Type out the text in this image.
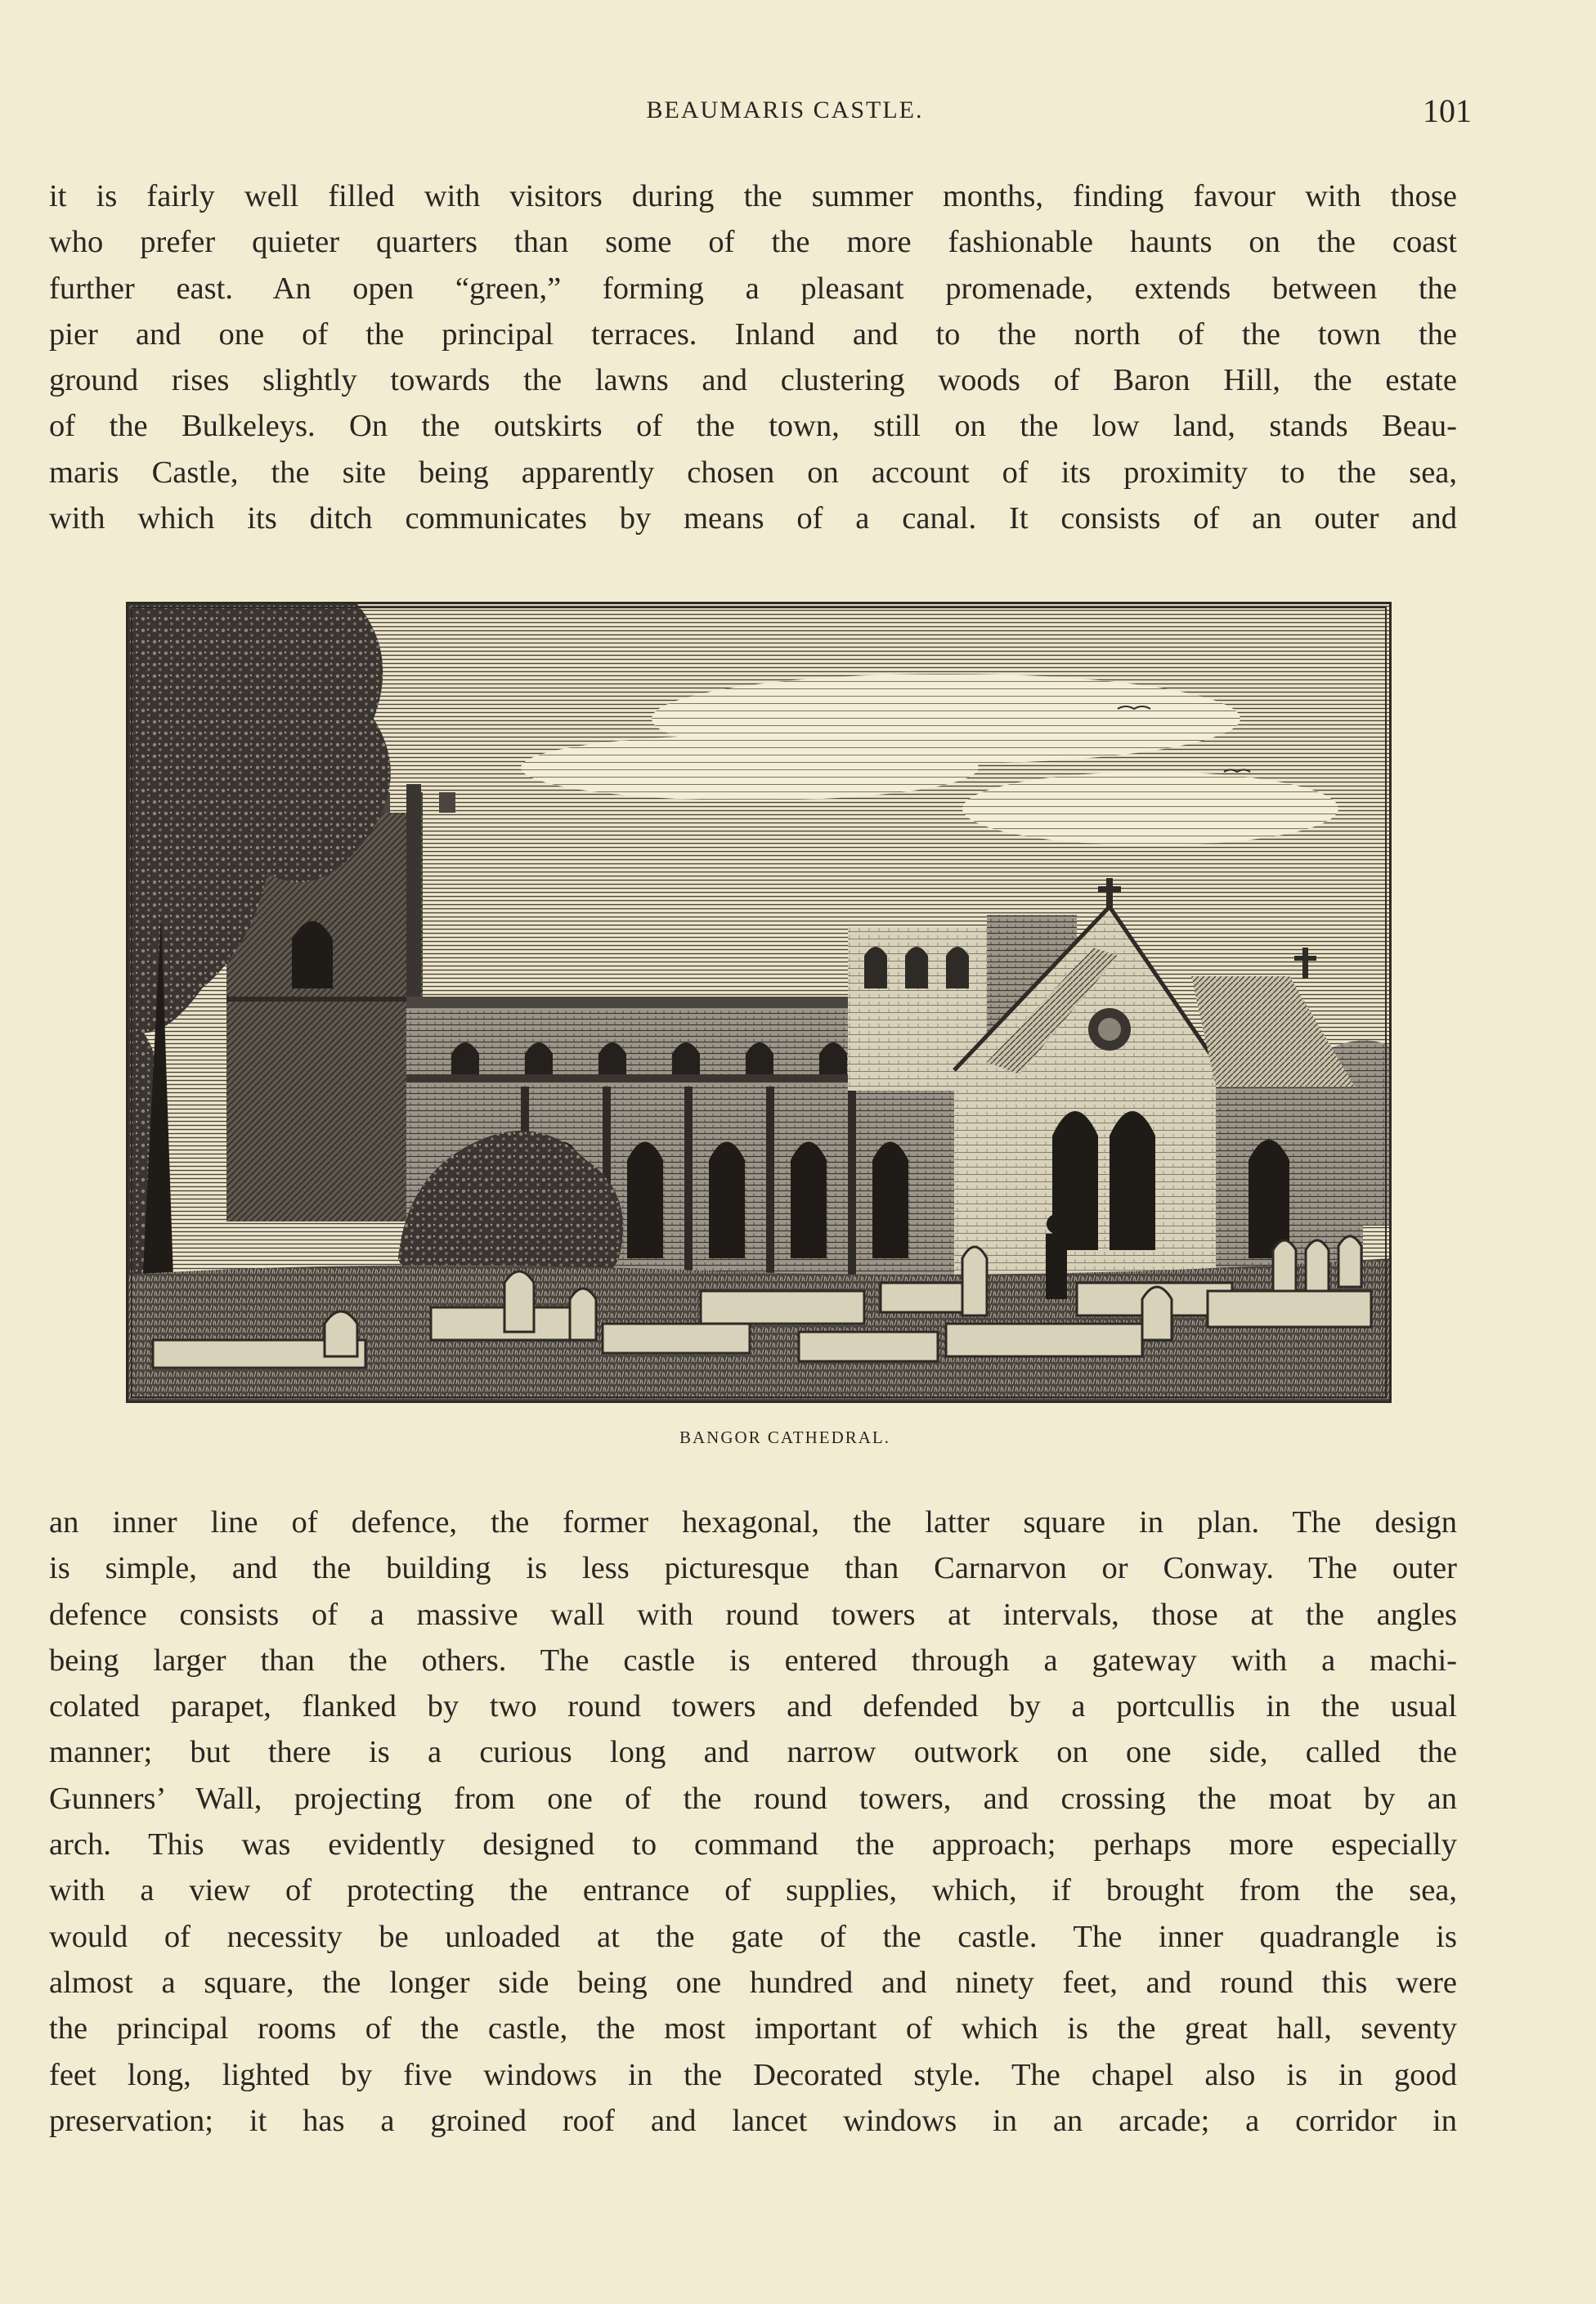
BEAUMARIS CASTLE.	101
it is fairly well filled with visitors during the summer months, finding favour with those
who prefer quieter quarters than some of the more fashionable haunts on the coast
further east. An open “green,” forming a pleasant promenade, extends between the
pier and one of the principal terraces. Inland and to the north of the town the
ground rises slightly towards the lawns and clustering woods of Baron Hill, the estate
of the Bulkeleys. On the outskirts of the town, still on the low land, stands Beau-
maris Castle, the site being apparently chosen on account of its proximity to the sea,
with which its ditch communicates by means of a canal. It consists of an outer and
BANGOR CATHEDRAL.
an inner line of defence, the former hexagonal, the latter square in plan. The design
is simple, and the building is less picturesque than Carnarvon or Conway. The outer
defence consists of a massive wall with round towers at intervals, those at the angles
being larger than the others. The castle is entered through a gateway with a machi-
colated parapet, flanked by two round towers and defended by a portcullis in the usual
manner; but there is a curious long and narrow outwork on one side, called the
Gunners’ Wall, projecting from one of the round towers, and crossing the moat by an
arch. This was evidently designed to command the approach; perhaps more especially
with a view of protecting the entrance of supplies, which, if brought from the sea,
would of necessity be unloaded at the gate of the castle. The inner quadrangle is
almost a square, the longer side being one hundred and ninety feet, and round this were
the principal rooms of the castle, the most important of which is the great hall, seventy
feet long, lighted by five windows in the Decorated style. The chapel also is in good
preservation; it has a groined roof and lancet windows in an arcade; a corridor in
